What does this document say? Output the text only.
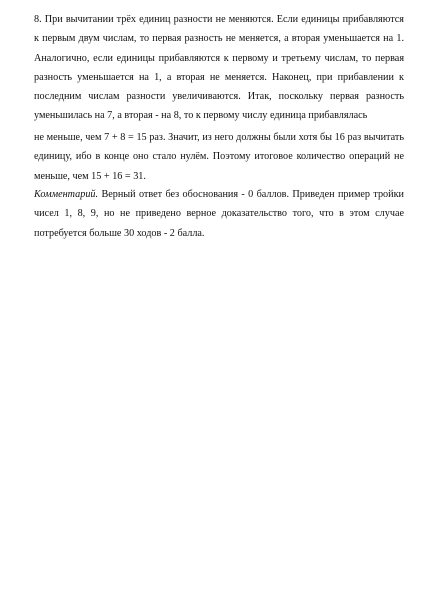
8. При вычитании трёх единиц разности не меняются. Если единицы прибавляются к первым двум числам, то первая разность не меняется, а вторая уменьшается на 1. Аналогично, если единицы прибавляются к первому и третьему числам, то первая разность уменьшается на 1, а вторая не меняется. Наконец, при прибавлении к последним числам разности увеличиваются. Итак, поскольку первая разность уменьшилась на 7, а вторая - на 8, то к первому числу единица прибавлялась

не меньше, чем 7 + 8 = 15 раз. Значит, из него должны были хотя бы 16 раз вычитать единицу, ибо в конце оно стало нулём. Поэтому итоговое количество операций не меньше, чем 15 + 16 = 31.

Комментарий. Верный ответ без обоснования - 0 баллов. Приведен пример тройки чисел 1, 8, 9, но не приведено верное доказательство того, что в этом случае потребуется больше 30 ходов - 2 балла.
